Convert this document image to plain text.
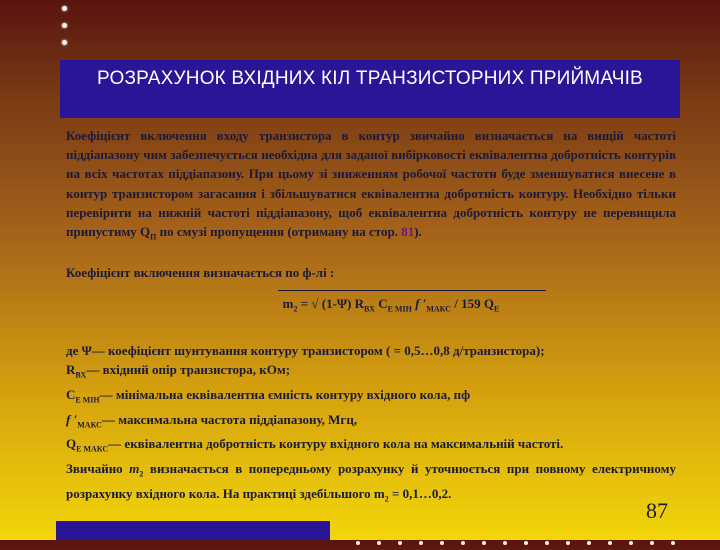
РОЗРАХУНОК ВХІДНИХ КІЛ ТРАНЗИСТОРНИХ ПРИЙМАЧІВ

Коефіцієнт включення входу транзистора в контур звичайно визначається на вищій частоті піддіапазону чим забезпечується необхідна для заданої вибірковості еквівалентна добротність контурів на всіх частотах піддіапазону. При цьому зі зниженням робочої частоти буде зменшуватися внесене в контур транзистором загасання і збільшуватися еквівалентна добротність контуру. Необхідно тільки перевірити на нижній частоті піддіапазону, щоб еквівалентна добротність контуру не перевищила припустиму $Q_П$ по смузі пропущення (отриману на стор. 81).

Коефіцієнт включення визначається по ф-лі :

$m_2$ = √ (1-Ψ) $R_{ВХ}$ $C_{Е МІН}$ f $'_{МАКС} / 159$ $Q_Е$

де Ψ— коефіцієнт шунтування контуру транзистором ( = 0,5…0,8 д/транзистора);

$R_{ВХ}—$ вхідний опір транзистора, кОм;

$C_{Е МІН}—$ мінімальна еквівалентна ємність контуру вхідного кола, пф

f $'_{МАКС}—$ максимальна частота піддіапазону, Мгц,

$Q_{Е МАКС}—$ еквівалентна добротність контуру вхідного кола на максимальній частоті.

Звичайно $m_2$ визначається в попередньому розрахунку й уточнюється при повному електричному розрахунку вхідного кола. На практиці здебільшого $m_2$ = 0,1…0,2.

87
